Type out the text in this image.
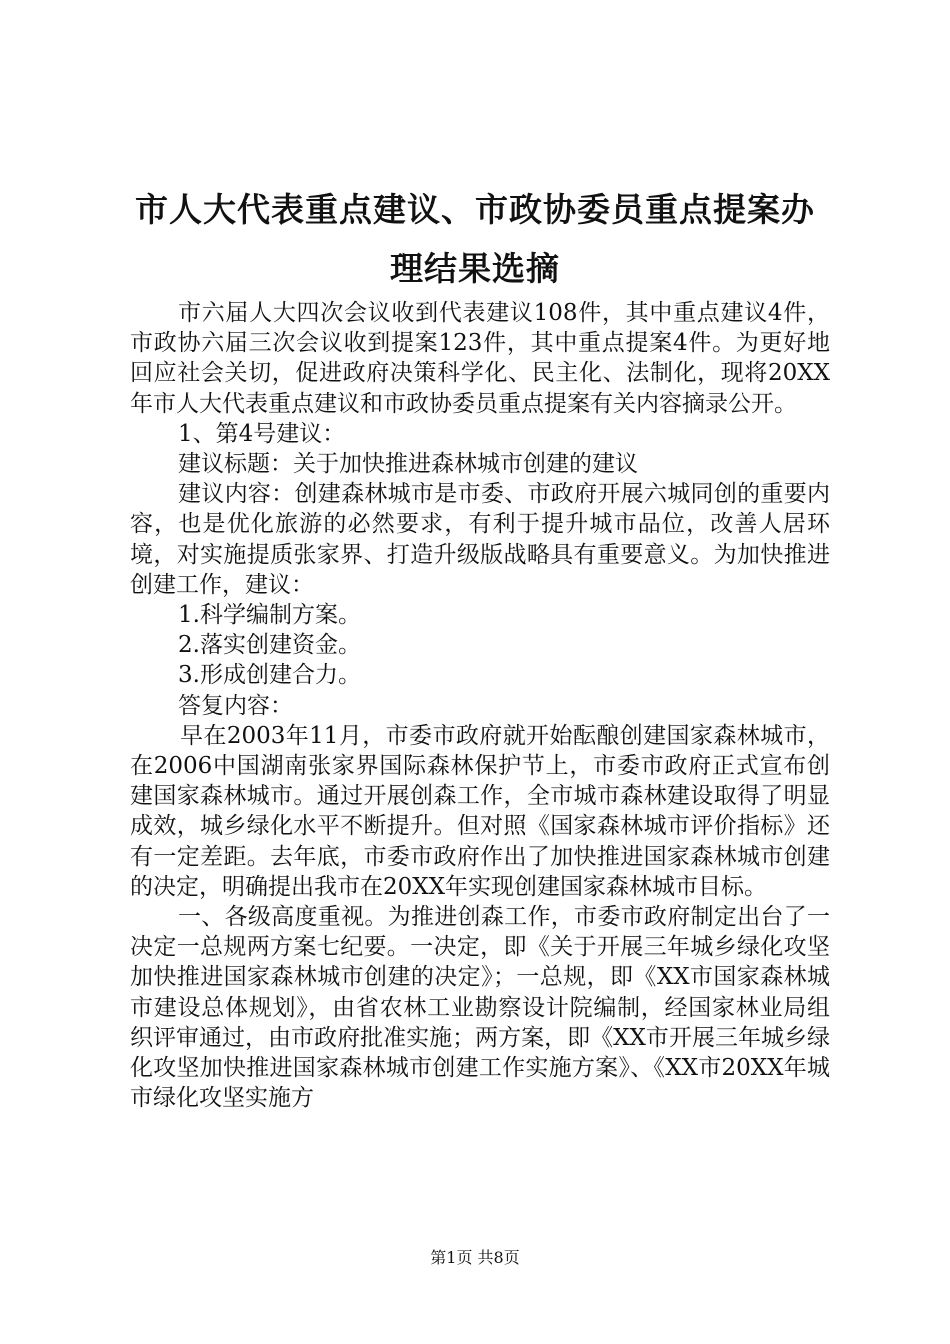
市人大代表重点建议、市政协委员重点提案办
理结果选摘

市六届人大四次会议收到代表建议108件，其中重点建议4件，市政协六届三次会议收到提案123件，其中重点提案4件。为更好地回应社会关切，促进政府决策科学化、民主化、法制化，现将20XX年市人大代表重点建议和市政协委员重点提案有关内容摘录公开。

1、第4号建议：

建议标题：关于加快推进森林城市创建的建议

建议内容：创建森林城市是市委、市政府开展六城同创的重要内容，也是优化旅游的必然要求，有利于提升城市品位，改善人居环境，对实施提质张家界、打造升级版战略具有重要意义。为加快推进创建工作，建议：

1.科学编制方案。

2.落实创建资金。

3.形成创建合力。

答复内容：

早在2003年11月，市委市政府就开始酝酿创建国家森林城市，在2006中国湖南张家界国际森林保护节上，市委市政府正式宣布创建国家森林城市。通过开展创森工作，全市城市森林建设取得了明显成效，城乡绿化水平不断提升。但对照《国家森林城市评价指标》还有一定差距。去年底，市委市政府作出了加快推进国家森林城市创建的决定，明确提出我市在20XX年实现创建国家森林城市目标。

一、各级高度重视。为推进创森工作，市委市政府制定出台了一决定一总规两方案七纪要。一决定，即《关于开展三年城乡绿化攻坚加快推进国家森林城市创建的决定》；一总规，即《XX市国家森林城市建设总体规划》，由省农林工业勘察设计院编制，经国家林业局组织评审通过，由市政府批准实施；两方案，即《XX市开展三年城乡绿化攻坚加快推进国家森林城市创建工作实施方案》、《XX市20XX年城市绿化攻坚实施方

第1页 共8页
